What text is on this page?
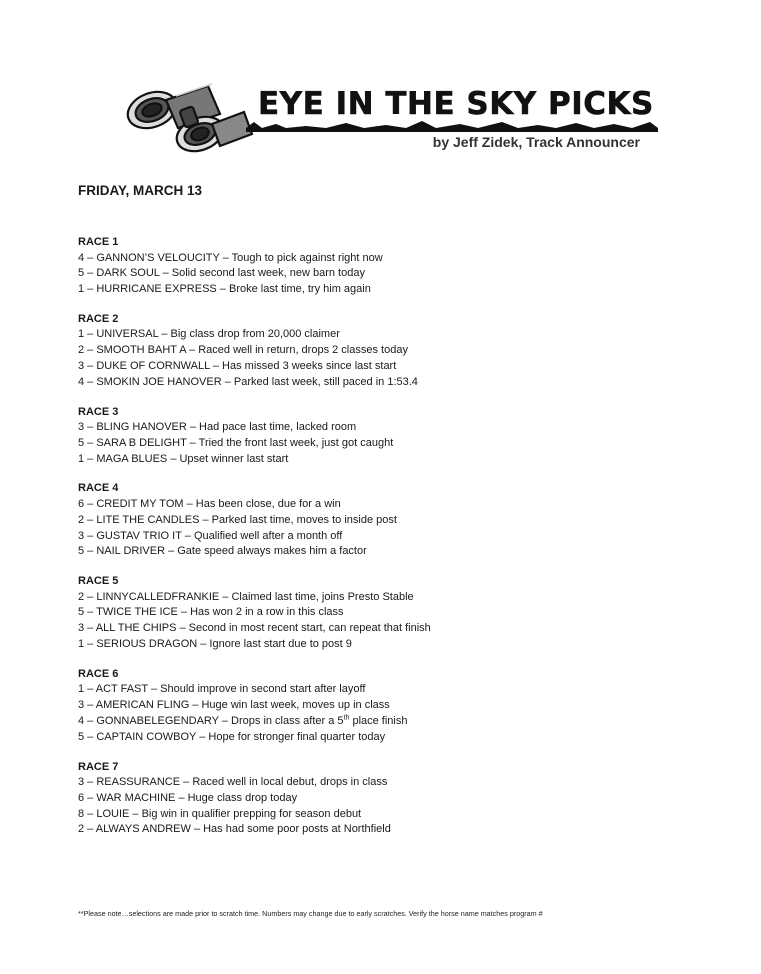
EYE IN THE SKY PICKS
by Jeff Zidek, Track Announcer
FRIDAY, MARCH 13
RACE 1
4 – GANNON’S VELOUCITY – Tough to pick against right now
5 – DARK SOUL – Solid second last week, new barn today
1 – HURRICANE EXPRESS – Broke last time, try him again
RACE 2
1 – UNIVERSAL – Big class drop from 20,000 claimer
2 – SMOOTH BAHT A – Raced well in return, drops 2 classes today
3 – DUKE OF CORNWALL – Has missed 3 weeks since last start
4 – SMOKIN JOE HANOVER – Parked last week, still paced in 1:53.4
RACE 3
3 – BLING HANOVER – Had pace last time, lacked room
5 – SARA B DELIGHT – Tried the front last week, just got caught
1 – MAGA BLUES – Upset winner last start
RACE 4
6 – CREDIT MY TOM – Has been close, due for a win
2 – LITE THE CANDLES – Parked last time, moves to inside post
3 – GUSTAV TRIO IT – Qualified well after a month off
5 – NAIL DRIVER – Gate speed always makes him a factor
RACE 5
2 – LINNYCALLEDFRANKIE – Claimed last time, joins Presto Stable
5 – TWICE THE ICE – Has won 2 in a row in this class
3 – ALL THE CHIPS – Second in most recent start, can repeat that finish
1 – SERIOUS DRAGON – Ignore last start due to post 9
RACE 6
1 – ACT FAST – Should improve in second start after layoff
3 – AMERICAN FLING – Huge win last week, moves up in class
4 – GONNABELEGENDARY – Drops in class after a 5th place finish
5 – CAPTAIN COWBOY – Hope for stronger final quarter today
RACE 7
3 – REASSURANCE – Raced well in local debut, drops in class
6 – WAR MACHINE – Huge class drop today
8 – LOUIE – Big win in qualifier prepping for season debut
2 – ALWAYS ANDREW – Has had some poor posts at Northfield
**Please note…selections are made prior to scratch time. Numbers may change due to early scratches. Verify the horse name matches program #
